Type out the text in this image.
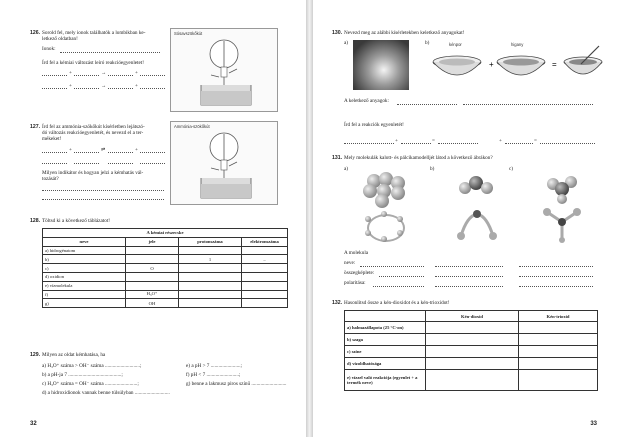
126. Sorold fel, mely ionok találhatók a lombikban ke-
letkező oldatban!
Ionok:
Írd fel a kémiai változást leíró reakcióegyenletet!
+	→	+
+	→	+
Sósavszökőkút
127. Írd fel az ammónia-szökőkút kísérletben lejátszó-
dó változás reakcióegyenletét, és nevezd el a ter-
mékeket!
+	⇌	+
Milyen indikátor és hogyan jelzi a kémhatás vál-
tozását?
Ammónia-szökőkút
128. Töltsd ki a következő táblázatot!
A kémiai részecske			
neve	jele	protonszáma	elektronszáma
a) hidrogénatom			
b)		1	–
c)	O		
d) oxidion			
e) vízmolekula			
f)	H₃O⁺		
g)	OH		
129. Milyen az oldat kémhatása, ha
a) H₃O⁺ száma > OH⁻ száma ...........................;
b) a pH-ja 7 .........................................;
c) H₃O⁺ száma = OH⁻ száma .........................;
d) a hidroxidionok vannak benne túlsúlyban ...........................
e) a pH > 7 .......................;
f) pH < 7 .........................;
g) benne a lakmusz piros színű ...........................
32
130. Nevezd meg az alábbi kísérletekben keletkező anyagokat!
a)	b)	kénpor	higany
+	=
A keletkező anyagok:
Írd fel a reakciók egyenletét!
+	=	+	=
131. Mely molekulák kalott- és pálcikamodelljét látod a következő ábrákon?
a)	b)	c)
A molekula
neve:
összegképlete:
polaritása:
132. Hasonlítsd össze a kén-dioxidot és a kén-trioxidot!
	Kén-dioxid	Kén-trioxid
a) halmazállapota (25 °C-on)		
b) szaga		
c) színe		
d) vízoldhatósága		
e) vízzel való reakciója (egyenlet + a termék neve)		
33
